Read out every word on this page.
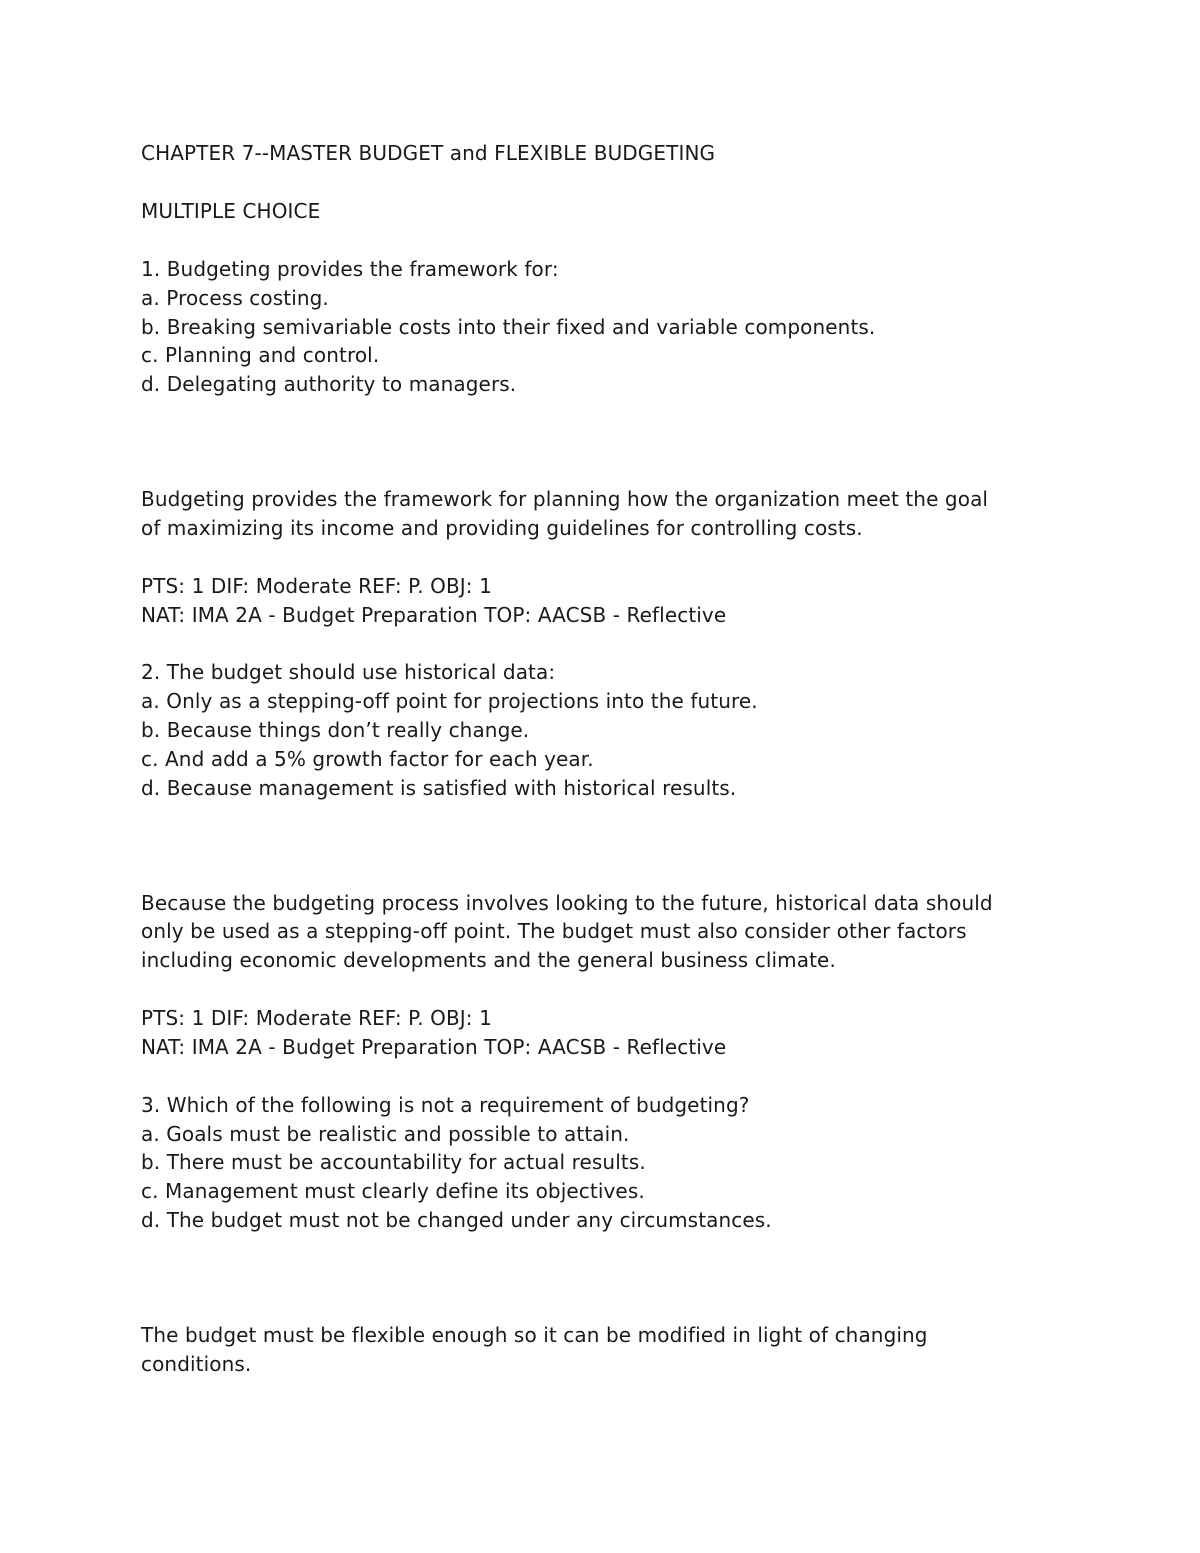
CHAPTER 7--MASTER BUDGET and FLEXIBLE BUDGETING
MULTIPLE CHOICE
1. Budgeting provides the framework for:
a. Process costing.
b. Breaking semivariable costs into their fixed and variable components.
c. Planning and control.
d. Delegating authority to managers.
Budgeting provides the framework for planning how the organization meet the goal
of maximizing its income and providing guidelines for controlling costs.
PTS: 1 DIF: Moderate REF: P. OBJ: 1
NAT: IMA 2A - Budget Preparation TOP: AACSB - Reflective
2. The budget should use historical data:
a. Only as a stepping-off point for projections into the future.
b. Because things don’t really change.
c. And add a 5% growth factor for each year.
d. Because management is satisfied with historical results.
Because the budgeting process involves looking to the future, historical data should
only be used as a stepping-off point. The budget must also consider other factors
including economic developments and the general business climate.
PTS: 1 DIF: Moderate REF: P. OBJ: 1
NAT: IMA 2A - Budget Preparation TOP: AACSB - Reflective
3. Which of the following is not a requirement of budgeting?
a. Goals must be realistic and possible to attain.
b. There must be accountability for actual results.
c. Management must clearly define its objectives.
d. The budget must not be changed under any circumstances.
The budget must be flexible enough so it can be modified in light of changing
conditions.
